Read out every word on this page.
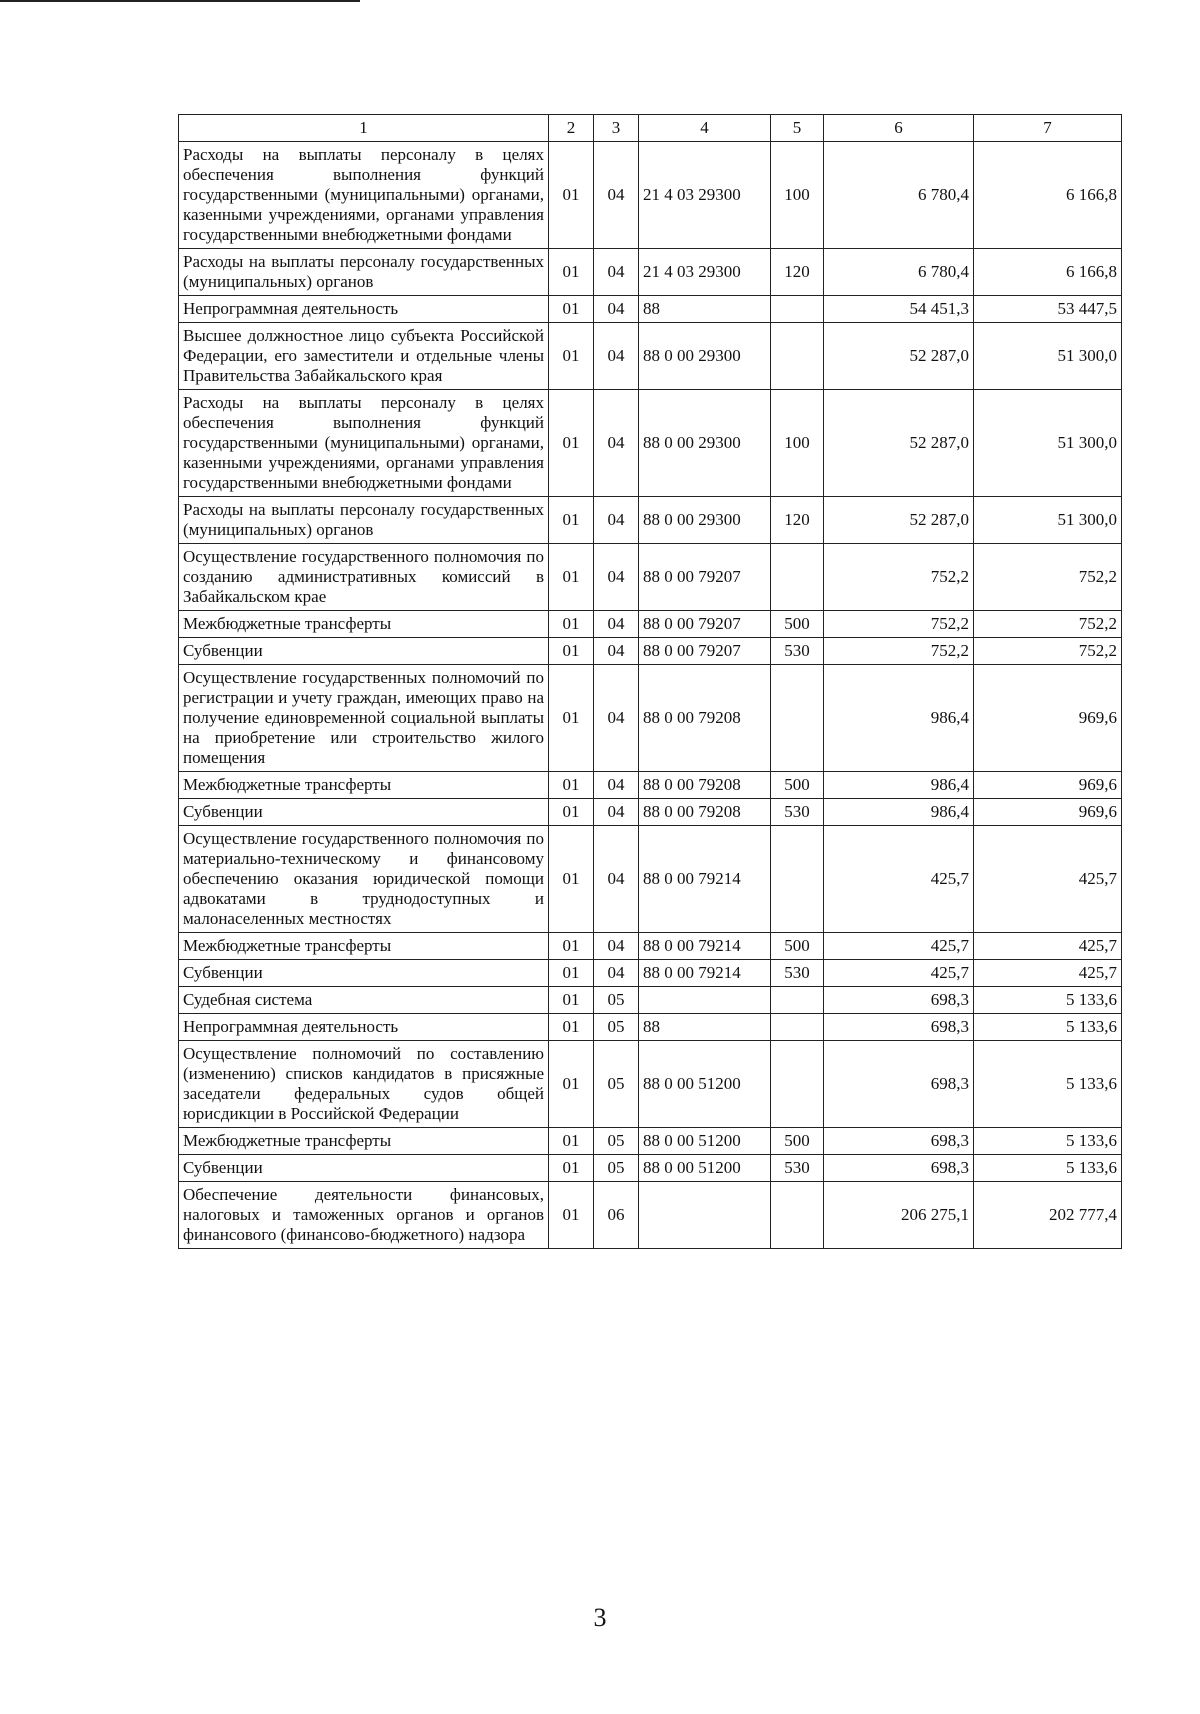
1	2	3	4	5	6	7
Расходы на выплаты персоналу в целях обеспечения выполнения функций государственными (муниципальными) органами, казенными учреждениями, органами управления государственными внебюджетными фондами	01	04	21 4 03 29300	100	6 780,4	6 166,8
Расходы на выплаты персоналу государственных (муниципальных) органов	01	04	21 4 03 29300	120	6 780,4	6 166,8
Непрограммная деятельность	01	04	88		54 451,3	53 447,5
Высшее должностное лицо субъекта Российской Федерации, его заместители и отдельные члены Правительства Забайкальского края	01	04	88 0 00 29300		52 287,0	51 300,0
Расходы на выплаты персоналу в целях обеспечения выполнения функций государственными (муниципальными) органами, казенными учреждениями, органами управления государственными внебюджетными фондами	01	04	88 0 00 29300	100	52 287,0	51 300,0
Расходы на выплаты персоналу государственных (муниципальных) органов	01	04	88 0 00 29300	120	52 287,0	51 300,0
Осуществление государственного полномочия по созданию административных комиссий в Забайкальском крае	01	04	88 0 00 79207		752,2	752,2
Межбюджетные трансферты	01	04	88 0 00 79207	500	752,2	752,2
Субвенции	01	04	88 0 00 79207	530	752,2	752,2
Осуществление государственных полномочий по регистрации и учету граждан, имеющих право на получение единовременной социальной выплаты на приобретение или строительство жилого помещения	01	04	88 0 00 79208		986,4	969,6
Межбюджетные трансферты	01	04	88 0 00 79208	500	986,4	969,6
Субвенции	01	04	88 0 00 79208	530	986,4	969,6
Осуществление государственного полномочия по материально-техническому и финансовому обеспечению оказания юридической помощи адвокатами в труднодоступных и малонаселенных местностях	01	04	88 0 00 79214		425,7	425,7
Межбюджетные трансферты	01	04	88 0 00 79214	500	425,7	425,7
Субвенции	01	04	88 0 00 79214	530	425,7	425,7
Судебная система	01	05			698,3	5 133,6
Непрограммная деятельность	01	05	88		698,3	5 133,6
Осуществление полномочий по составлению (изменению) списков кандидатов в присяжные заседатели федеральных судов общей юрисдикции в Российской Федерации	01	05	88 0 00 51200		698,3	5 133,6
Межбюджетные трансферты	01	05	88 0 00 51200	500	698,3	5 133,6
Субвенции	01	05	88 0 00 51200	530	698,3	5 133,6
Обеспечение деятельности финансовых, налоговых и таможенных органов и органов финансового (финансово-бюджетного) надзора	01	06			206 275,1	202 777,4
3
